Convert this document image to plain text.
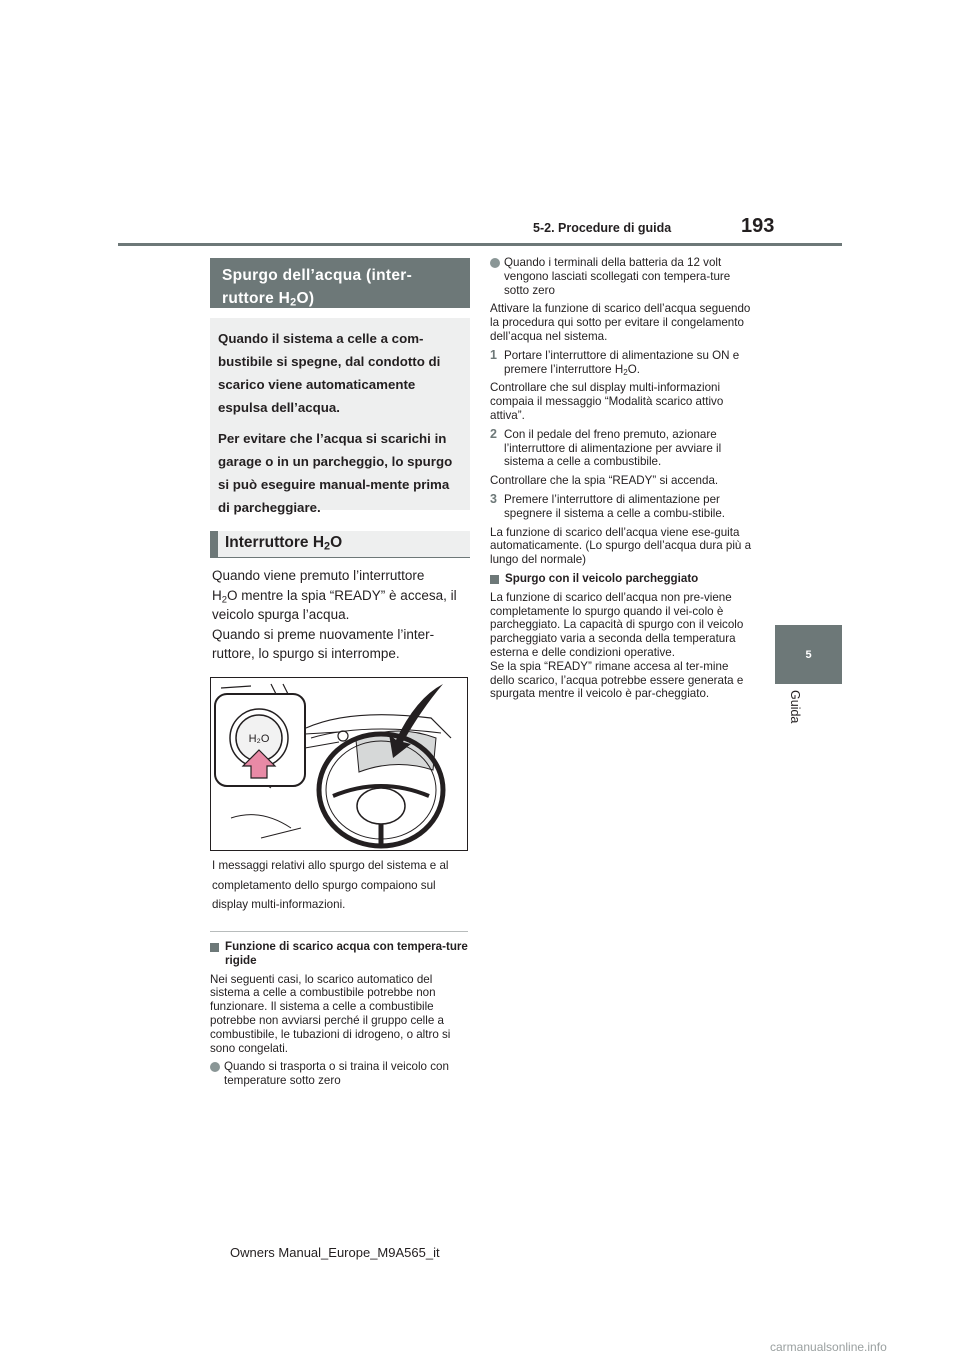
5-2. Procedure di guida	193
5
Guida
Spurgo dell’acqua (inter-
ruttore $H_2O$)

Quando il sistema a celle a com-bustibile si spegne, dal condotto di scarico viene automaticamente espulsa dell’acqua.

Per evitare che l’acqua si scarichi in garage o in un parcheggio, lo spurgo si può eseguire manual-mente prima di parcheggiare.

Interruttore $H_2O$

Quando viene premuto l’interruttore
$H_2O$ mentre la spia “READY” è accesa, il veicolo spurga l’acqua.

Quando si preme nuovamente l’inter-ruttore, lo spurgo si interrompe.

H₂O
I messaggi relativi allo spurgo del sistema e al completamento dello spurgo compaiono sul display multi-informazioni.

Funzione di scarico acqua con tempera-ture rigide

Nei seguenti casi, lo scarico automatico del sistema a celle a combustibile potrebbe non funzionare. Il sistema a celle a combustibile potrebbe non avviarsi perché il gruppo celle a combustibile, le tubazioni di idrogeno, o altro si sono congelati.

Quando si trasporta o si traina il veicolo con temperature sotto zero

Quando i terminali della batteria da 12 volt vengono lasciati scollegati con tempera-ture sotto zero

Attivare la funzione di scarico dell’acqua seguendo la procedura qui sotto per evitare il congelamento dell’acqua nel sistema.

1 Portare l’interruttore di alimentazione su ON e premere l’interruttore $H_2O$.

Controllare che sul display multi-informazioni compaia il messaggio “Modalità scarico attivo attiva”.

2 Con il pedale del freno premuto, azionare l’interruttore di alimentazione per avviare il sistema a celle a combustibile.

Controllare che la spia “READY” si accenda.

3 Premere l’interruttore di alimentazione per spegnere il sistema a celle a combu-stibile.

La funzione di scarico dell’acqua viene ese-guita automaticamente. (Lo spurgo dell’acqua dura più a lungo del normale)

Spurgo con il veicolo parcheggiato

La funzione di scarico dell’acqua non pre-viene completamente lo spurgo quando il vei-colo è parcheggiato. La capacità di spurgo con il veicolo parcheggiato varia a seconda della temperatura esterna e delle condizioni operative.

Se la spia “READY” rimane accesa al ter-mine dello scarico, l’acqua potrebbe essere generata e spurgata mentre il veicolo è par-cheggiato.

Owners Manual_Europe_M9A565_it
carmanualsonline.info
